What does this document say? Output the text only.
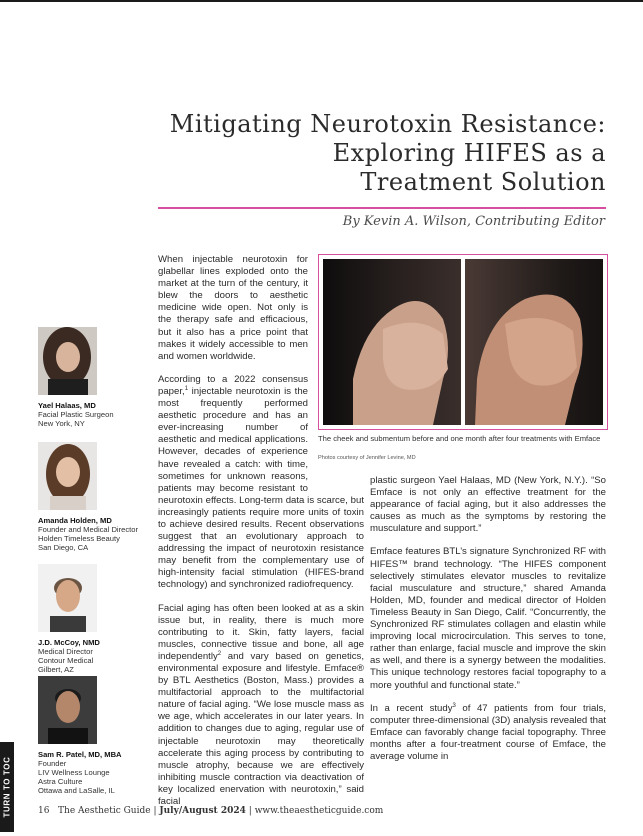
Mitigating Neurotoxin Resistance:
Exploring HIFES as a
Treatment Solution
By Kevin A. Wilson, Contributing Editor
Yael Halaas, MD
Facial Plastic Surgeon
New York, NY
Amanda Holden, MD
Founder and Medical Director
Holden Timeless Beauty
San Diego, CA
J.D. McCoy, NMD
Medical Director
Contour Medical
Gilbert, AZ
Sam R. Patel, MD, MBA
Founder
LIV Wellness Lounge
Astra Culture
Ottawa and LaSalle, IL

When injectable neurotoxin for glabellar lines exploded onto the market at the turn of the century, it blew the doors to aesthetic medicine wide open. Not only is the therapy safe and efficacious, but it also has a price point that makes it widely accessible to men and women worldwide.

According to a 2022 consensus paper,$^1$ injectable neurotoxin is the most frequently performed aesthetic procedure and has an ever-increasing number of aesthetic and medical applications. However, decades of experience have revealed a catch: with time, sometimes for unknown reasons, patients may become resistant to neurotoxin effects. Long-term data is scarce, but increasingly patients require more units of toxin to achieve desired results. Recent observations suggest that an evolutionary approach to addressing the impact of neurotoxin resistance may benefit from the complementary use of high-intensity facial stimulation (HIFES-brand technology) and synchronized radiofrequency.

Facial aging has often been looked at as a skin issue but, in reality, there is much more contributing to it. Skin, fatty layers, facial muscles, connective tissue and bone, all age independently$^2$ and vary based on genetics, environmental exposure and lifestyle. Emface® by BTL Aesthetics (Boston, Mass.) provides a multifactorial approach to the multifactorial nature of facial aging. “We lose muscle mass as we age, which accelerates in our later years. In addition to changes due to aging, regular use of injectable neurotoxin may theoretically accelerate this aging process by contributing to muscle atrophy, because we are effectively inhibiting muscle contraction via deactivation of key localized enervation with neurotoxin,” said facial

The cheek and submentum before and one month after four treatments with Emface
Photos courtesy of Jennifer Levine, MD

plastic surgeon Yael Halaas, MD (New York, N.Y.). “So Emface is not only an effective treatment for the appearance of facial aging, but it also addresses the causes as much as the symptoms by restoring the musculature and support.”

Emface features BTL’s signature Synchronized RF with HIFES™ brand technology. “The HIFES component selectively stimulates elevator muscles to revitalize facial musculature and structure,” shared Amanda Holden, MD, founder and medical director of Holden Timeless Beauty in San Diego, Calif. “Concurrently, the Synchronized RF stimulates collagen and elastin while improving local microcirculation. This serves to tone, rather than enlarge, facial muscle and improve the skin as well, and there is a synergy between the modalities. This unique technology restores facial topography to a more youthful and functional state.”

In a recent study$^3$ of 47 patients from four trials, computer three-dimensional (3D) analysis revealed that Emface can favorably change facial topography. Three months after a four-treatment course of Emface, the average volume in

TURN TO TOC	16 The Aesthetic Guide | July/August 2024 | www.theaestheticguide.com
